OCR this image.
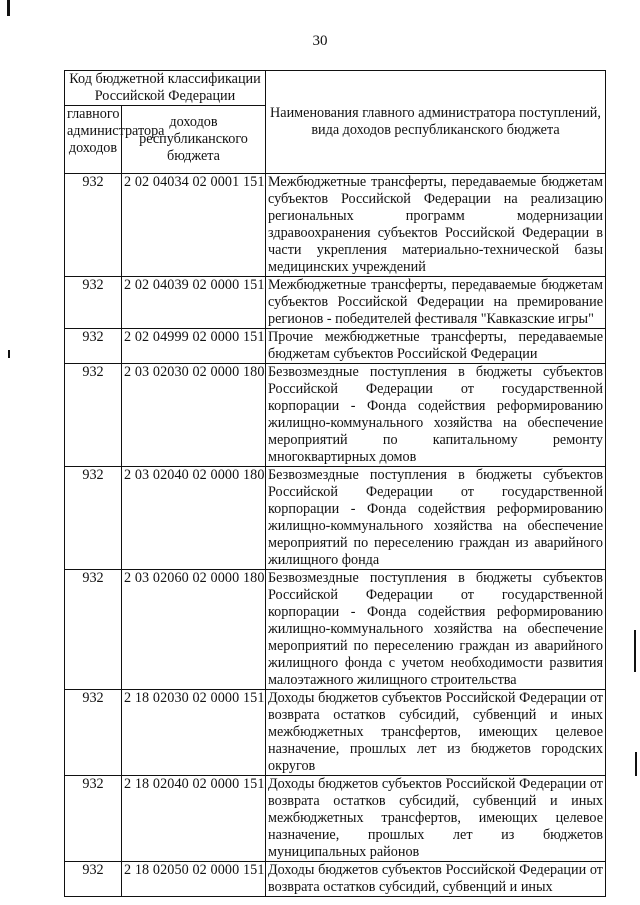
30
Код бюджетной классификации Российской Федерации		Наименования главного администратора поступлений, вида доходов республиканского бюджета
главного администратора доходов	доходов республиканского бюджета	
932	2 02 04034 02 0001 151	Межбюджетные трансферты, передаваемые бюджетам субъектов Российской Федерации на реализацию региональных программ модернизации здравоохранения субъектов Российской Федерации в части укрепления материально-технической базы медицинских учреждений
932	2 02 04039 02 0000 151	Межбюджетные трансферты, передаваемые бюджетам субъектов Российской Федерации на премирование регионов - победителей фестиваля "Кавказские игры"
932	2 02 04999 02 0000 151	Прочие межбюджетные трансферты, передаваемые бюджетам субъектов Российской Федерации
932	2 03 02030 02 0000 180	Безвозмездные поступления в бюджеты субъектов Российской Федерации от государственной корпорации - Фонда содействия реформированию жилищно-коммунального хозяйства на обеспечение мероприятий по капитальному ремонту многоквартирных домов
932	2 03 02040 02 0000 180	Безвозмездные поступления в бюджеты субъектов Российской Федерации от государственной корпорации - Фонда содействия реформированию жилищно-коммунального хозяйства на обеспечение мероприятий по переселению граждан из аварийного жилищного фонда
932	2 03 02060 02 0000 180	Безвозмездные поступления в бюджеты субъектов Российской Федерации от государственной корпорации - Фонда содействия реформированию жилищно-коммунального хозяйства на обеспечение мероприятий по переселению граждан из аварийного жилищного фонда с учетом необходимости развития малоэтажного жилищного строительства
932	2 18 02030 02 0000 151	Доходы бюджетов субъектов Российской Федерации от возврата остатков субсидий, субвенций и иных межбюджетных трансфертов, имеющих целевое назначение, прошлых лет из бюджетов городских округов
932	2 18 02040 02 0000 151	Доходы бюджетов субъектов Российской Федерации от возврата остатков субсидий, субвенций и иных межбюджетных трансфертов, имеющих целевое назначение, прошлых лет из бюджетов муниципальных районов
932	2 18 02050 02 0000 151	Доходы бюджетов субъектов Российской Федерации от возврата остатков субсидий, субвенций и иных
